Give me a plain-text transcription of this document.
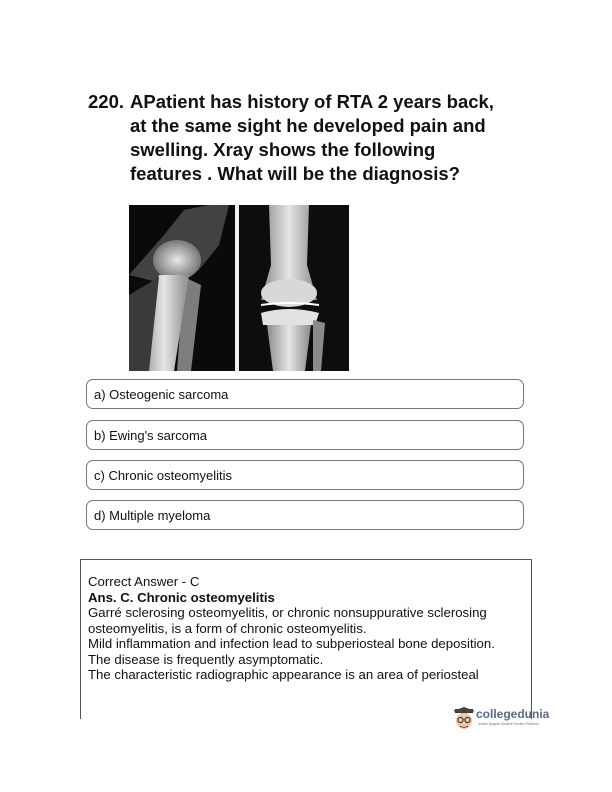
220. APatient has history of RTA 2 years back, at the same sight he developed pain and swelling. Xray shows the following features . What will be the diagnosis?
a) Osteogenic sarcoma
b) Ewing's sarcoma
c) Chronic osteomyelitis
d) Multiple myeloma

Correct Answer - C

Ans. C. Chronic osteomyelitis

Garré sclerosing osteomyelitis, or chronic nonsuppurative sclerosing osteomyelitis, is a form of chronic osteomyelitis.

Mild inflammation and infection lead to subperiosteal bone deposition.

The disease is frequently asymptomatic.

The characteristic radiographic appearance is an area of periosteal

collegedunia
India's largest Student Review Platform
